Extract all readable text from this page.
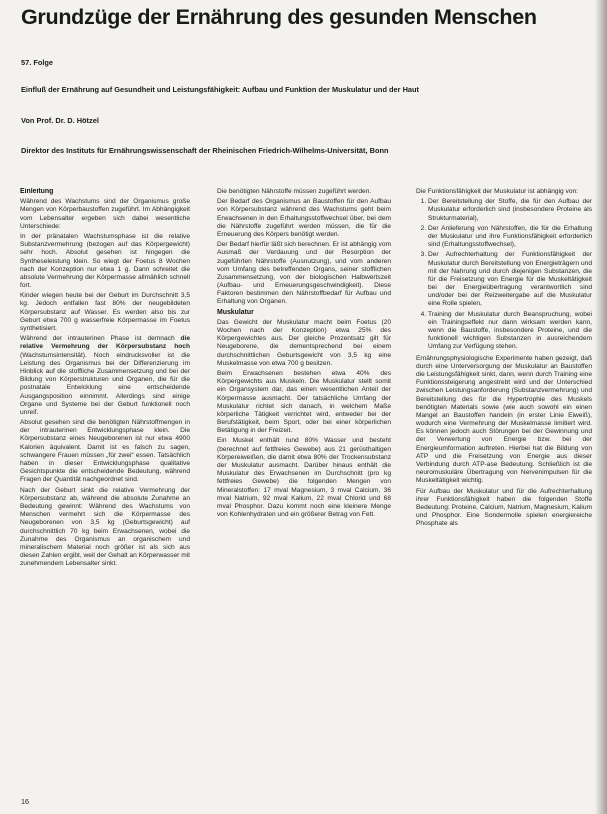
Grundzüge der Ernährung des gesunden Menschen
57. Folge
Einfluß der Ernährung auf Gesundheit und Leistungsfähigkeit: Aufbau und Funktion der Muskulatur und der Haut
Von Prof. Dr. D. Hötzel
Direktor des Instituts für Ernährungswissenschaft der Rheinischen Friedrich-Wilhelms-Universität, Bonn
Einleitung

Während des Wachstums sind der Organismus große Mengen von Körperbaustoffen zugeführt. Im Abhängigkeit vom Lebensalter ergeben sich dabei wesentliche Unterschiede:

In der pränatalen Wachstumsphase ist die relative Substanzvermehrung (bezogen auf das Körpergewicht) sehr hoch. Absolut gesehen ist hingegen die Syntheseleistung klein. So wiegt der Foetus 8 Wochen nach der Konzeption nur etwa 1 g. Dann schreitet die absolute Vermehrung der Körpermasse allmählich schnell fort.

Kinder wiegen heute bei der Geburt im Durchschnitt 3,5 kg. Jedoch entfallen fast 80% der neugebildeten Körpersubstanz auf Wasser. Es werden also bis zur Geburt etwa 700 g wasserfreie Körpermasse im Foetus synthetisiert.

Während der intrauterinen Phase ist demnach die relative Vermehrung der Körpersubstanz hoch (Wachstumsintensität). Noch eindrucksvoller ist die Leistung des Organismus bei der Differenzierung im Hinblick auf die stoffliche Zusammensetzung und bei der Bildung von Körperstrukturen und Organen, die für die postnatale Entwicklung eine entscheidende Ausgangsposition einnimmt. Allerdings sind einige Organe und Systeme bei der Geburt funktionell noch unreif.

Absolut gesehen sind die benötigten Nährstoffmengen in der intrauterinen Entwicklungsphase klein. Die Körpersubstanz eines Neugeborenen ist nur etwa 4900 Kalorien äquivalent. Damit ist es falsch zu sagen, schwangere Frauen müssen „für zwei“ essen. Tatsächlich haben in dieser Entwicklungsphase qualitative Gesichtspunkte die entscheidende Bedeutung, während Fragen der Quantität nachgeordnet sind.

Nach der Geburt sinkt die relative Vermehrung der Körpersubstanz ab, während die absolute Zunahme an Bedeutung gewinnt: Während des Wachstums von Menschen vermehrt sich die Körpermasse des Neugeborenen von 3,5 kg (Geburtsgewicht) auf durchschnittlich 70 kg beim Erwachsenen, wobei die Zunahme des Organismus an organischem und mineralischem Material noch größer ist als sich aus diesen Zahlen ergibt, weil der Gehalt an Körperwasser mit zunehmendem Lebensalter sinkt.

Die benötigten Nährstoffe müssen zugeführt werden.

Der Bedarf des Organismus an Baustoffen für den Aufbau von Körpersubstanz während des Wachstums geht beim Erwachsenen in den Erhaltungsstoffwechsel über, bei dem die Nährstoffe zugeführt werden müssen, die für die Erneuerung des Körpers benötigt werden.

Der Bedarf hierfür läßt sich berechnen. Er ist abhängig vom Ausmaß der Verdauung und der Resorption der zugeführten Nährstoffe (Ausnutzung), und vom anderen vom Umfang des betreffenden Organs, seiner stofflichen Zusammensetzung, von der biologischen Halbwertszeit (Aufbau- und Erneuerungsgeschwindigkeit). Diese Faktoren bestimmen den Nährstoffbedarf für Aufbau und Erhaltung von Organen.

Muskulatur

Das Gewicht der Muskulatur macht beim Foetus (20 Wochen nach der Konzeption) etwa 25% des Körpergewichtes aus. Der gleiche Prozentsatz gilt für Neugeborene, die dementsprechend bei einem durchschnittlichen Geburtsgewicht von 3,5 kg eine Muskelmasse von etwa 700 g besitzen.

Beim Erwachsenen bestehen etwa 40% des Körpergewichts aus Muskeln. Die Muskulatur stellt somit ein Organsystem dar, das einen wesentlichen Anteil der Körpermasse ausmacht. Der tatsächliche Umfang der Muskulatur richtet sich danach, in welchem Maße körperliche Tätigkeit verrichtet wird, entweder bei der Berufstätigkeit, beim Sport, oder bei einer körperlichen Betätigung in der Freizeit.

Ein Muskel enthält rund 80% Wasser und besteht (berechnet auf fettfreies Gewebe) aus 21 gerüsthaltigen Körpereiweißen, die damit etwa 80% der Trockensubstanz der Muskulatur ausmacht. Darüber hinaus enthält die Muskulatur des Erwachsenen im Durchschnitt (pro kg fettfreies Gewebe) die folgenden Mengen von Mineralstoffen: 17 mval Magnesium, 3 mval Calcium, 36 mval Natrium, 92 mval Kalium, 22 mval Chlorid und 68 mval Phosphor. Dazu kommt noch eine kleinere Menge von Kohlenhydraten und ein größerer Betrag von Fett.

Die Funktionsfähigkeit der Muskulatur ist abhängig von:

1. Der Bereitstellung der Stoffe, die für den Aufbau der Muskulatur erforderlich sind (insbesondere Proteine als Strukturmaterial),
2. Der Anlieferung von Nährstoffen, die für die Erhaltung der Muskulatur und ihre Funktionsfähigkeit erforderlich sind (Erhaltungsstoffwechsel),
3. Der Aufrechterhaltung der Funktionsfähigkeit der Muskulatur durch Bereitstellung von Energieträgern und mit der Nahrung und durch diejenigen Substanzen, die für die Freisetzung von Energie für die Muskeltätigkeit bei der Energieübertragung verantwortlich sind und/oder bei der Reizweitergabe auf die Muskulatur eine Rolle spielen,
4. Training der Muskulatur durch Beanspruchung, wobei ein Trainingseffekt nur dann wirksam werden kann, wenn die Baustoffe, insbesondere Proteine, und die funktionell wichtigen Substanzen in ausreichendem Umfang zur Verfügung stehen.

Ernährungsphysiologische Experimente haben gezeigt, daß durch eine Unterversorgung der Muskulatur an Baustoffen die Leistungsfähigkeit sinkt, dann, wenn durch Training eine Funktionssteigerung angestrebt wird und der Unterschied zwischen Leistungsanforderung (Substanzvermehrung) und Bereitstellung des für die Hypertrophie des Muskels benötigten Materials sowie (wie auch sowohl ein einen Mangel an Baustoffen handeln (in erster Linie Eiweiß), wodurch eine Vermehrung der Muskelmasse limitiert wird. Es können jedoch auch Störungen bei der Gewinnung und der Verwertung von Energie bzw. bei der Energieumformation auftreten. Hierbei hat die Bildung von ATP und die Freisetzung von Energie aus dieser Verbindung durch ATP-ase Bedeutung. Schließlich ist die neuromuskuläre Übertragung von Nervenimpulsen für die Muskeltätigkeit wichtig.

Für Aufbau der Muskulatur und für die Aufrechterhaltung ihrer Funktionsfähigkeit haben die folgenden Stoffe Bedeutung: Proteine, Calcium, Natrium, Magnesium, Kalium und Phosphor. Eine Sondermolle spielen energiereiche Phosphate als

16
